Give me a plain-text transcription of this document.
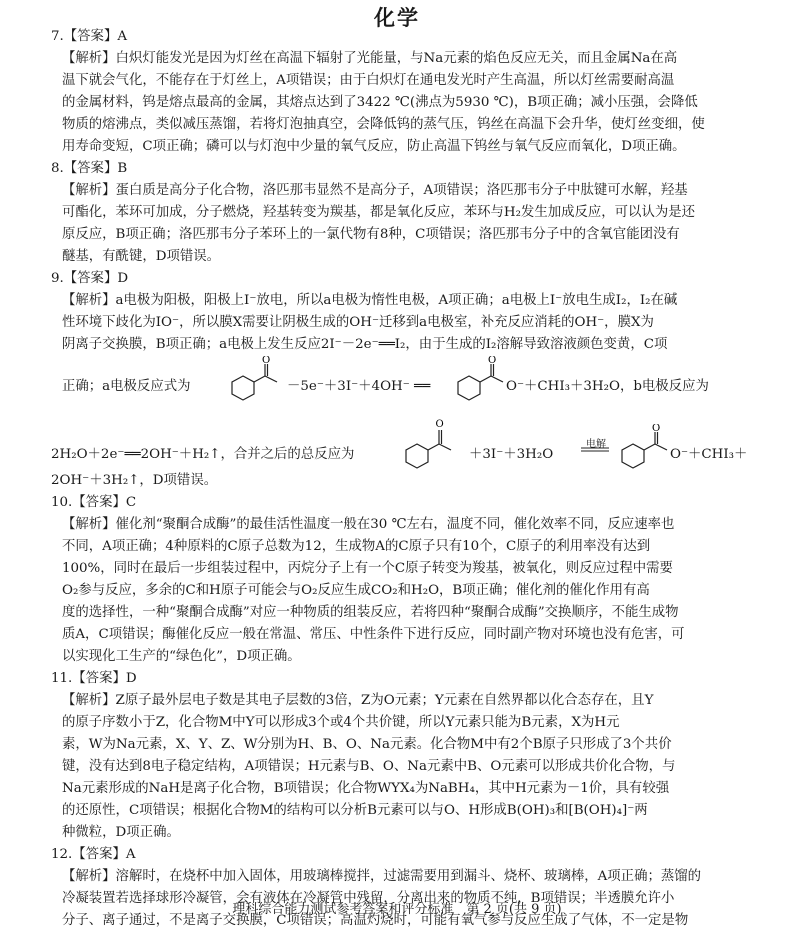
化学
7.【答案】A
【解析】白炽灯能发光是因为灯丝在高温下辐射了光能量，与Na元素的焰色反应无关，而且金属Na在高
温下就会气化，不能存在于灯丝上，A项错误；由于白炽灯在通电发光时产生高温，所以灯丝需要耐高温
的金属材料，钨是熔点最高的金属，其熔点达到了3422 ℃(沸点为5930 ℃)，B项正确；减小压强，会降低
物质的熔沸点，类似减压蒸馏，若将灯泡抽真空，会降低钨的蒸气压，钨丝在高温下会升华，使灯丝变细，使
用寿命变短，C项正确；磷可以与灯泡中少量的氧气反应，防止高温下钨丝与氧气反应而氧化，D项正确。
8.【答案】B
【解析】蛋白质是高分子化合物，洛匹那韦显然不是高分子，A项错误；洛匹那韦分子中肽键可水解，羟基
可酯化，苯环可加成，分子燃烧，羟基转变为羰基，都是氧化反应，苯环与H₂发生加成反应，可以认为是还
原反应，B项正确；洛匹那韦分子苯环上的一氯代物有8种，C项错误；洛匹那韦分子中的含氧官能团没有
醚基，有酰键，D项错误。
9.【答案】D
【解析】a电极为阳极，阳极上I⁻放电，所以a电极为惰性电极，A项正确；a电极上I⁻放电生成I₂，I₂在碱
性环境下歧化为IO⁻，所以膜X需要让阴极生成的OH⁻迁移到a电极室，补充反应消耗的OH⁻，膜X为
阴离子交换膜，B项正确；a电极上发生反应2I⁻－2e⁻══I₂，由于生成的I₂溶解导致溶液颜色变黄，C项
正确；a电极反应式为
O
－5e⁻＋3I⁻＋4OH⁻ ══
O
O⁻＋CHI₃＋3H₂O，b电极反应为
2H₂O＋2e⁻══2OH⁻＋H₂↑，合并之后的总反应为
O
＋3I⁻＋3H₂O
电解
O
O⁻＋CHI₃＋
2OH⁻＋3H₂↑，D项错误。
10.【答案】C
【解析】催化剂“聚酮合成酶”的最佳活性温度一般在30 ℃左右，温度不同，催化效率不同，反应速率也
不同，A项正确；4种原料的C原子总数为12，生成物A的C原子只有10个，C原子的利用率没有达到
100%，同时在最后一步组装过程中，丙烷分子上有一个C原子转变为羧基，被氧化，则反应过程中需要
O₂参与反应，多余的C和H原子可能会与O₂反应生成CO₂和H₂O，B项正确；催化剂的催化作用有高
度的选择性，一种“聚酮合成酶”对应一种物质的组装反应，若将四种“聚酮合成酶”交换顺序，不能生成物
质A，C项错误；酶催化反应一般在常温、常压、中性条件下进行反应，同时副产物对环境也没有危害，可
以实现化工生产的“绿色化”，D项正确。
11.【答案】D
【解析】Z原子最外层电子数是其电子层数的3倍，Z为O元素；Y元素在自然界都以化合态存在，且Y
的原子序数小于Z，化合物M中Y可以形成3个或4个共价键，所以Y元素只能为B元素，X为H元
素，W为Na元素，X、Y、Z、W分别为H、B、O、Na元素。化合物M中有2个B原子只形成了3个共价
键，没有达到8电子稳定结构，A项错误；H元素与B、O、Na元素中B、O元素可以形成共价化合物，与
Na元素形成的NaH是离子化合物，B项错误；化合物WYX₄为NaBH₄，其中H元素为－1价，具有较强
的还原性，C项错误；根据化合物M的结构可以分析B元素可以与O、H形成B(OH)₃和[B(OH)₄]⁻两
种微粒，D项正确。
12.【答案】A
【解析】溶解时，在烧杯中加入固体，用玻璃棒搅拌，过滤需要用到漏斗、烧杯、玻璃棒，A项正确；蒸馏的
冷凝装置若选择球形冷凝管，会有液体在冷凝管中残留，分离出来的物质不纯，B项错误；半透膜允许小
分子、离子通过，不是离子交换膜，C项错误；高温灼烧时，可能有氧气参与反应生成了气体，不一定是物
理科综合能力测试参考答案和评分标准　第 2 页(共 9 页)
